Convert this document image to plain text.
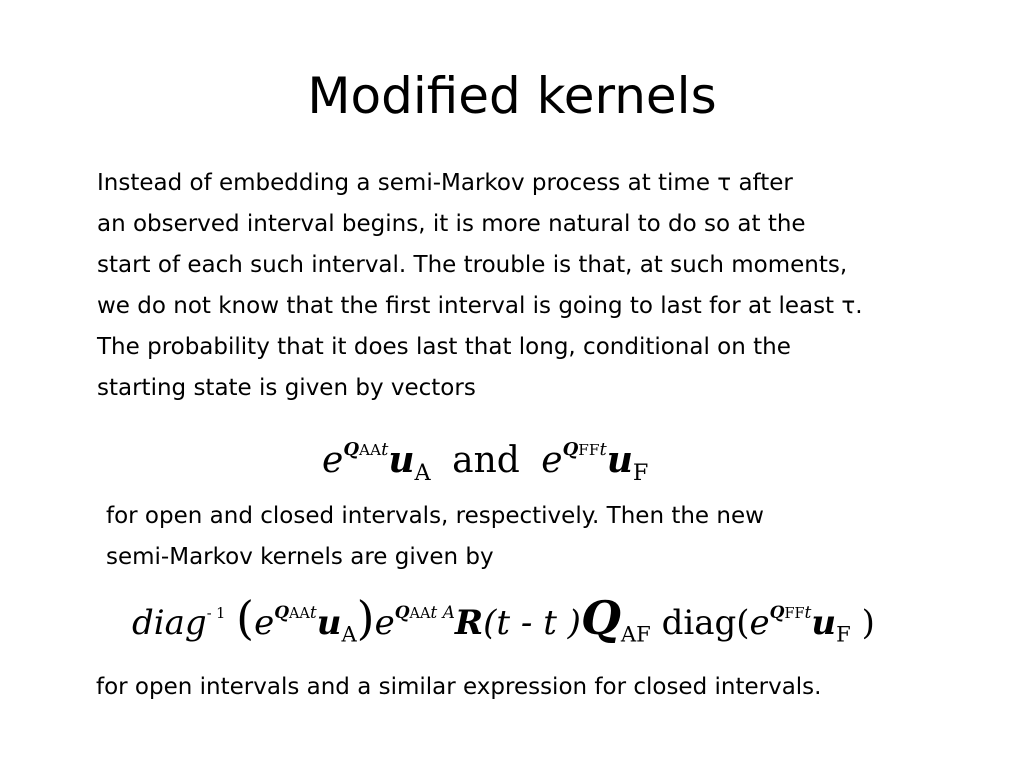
Modified kernels
Instead of embedding a semi-Markov process at time τ after
an observed interval begins, it is more natural to do so at the
start of each such interval. The trouble is that, at such moments,
we do not know that the first interval is going to last for at least τ.
The probability that it does last that long, conditional on the
starting state is given by vectors
$e^{QAAt}u_A$ and $e^{QFFt}u_F$
for open and closed intervals, respectively. Then the new
semi-Markov kernels are given by
diag$^{- 1}$ $(e^{QAAt}u_A)e^{QAAt A}R(t$ - t )$Q_{AF}$ $diag(e^{QFFt}u_F$ )
for open intervals and a similar expression for closed intervals.
